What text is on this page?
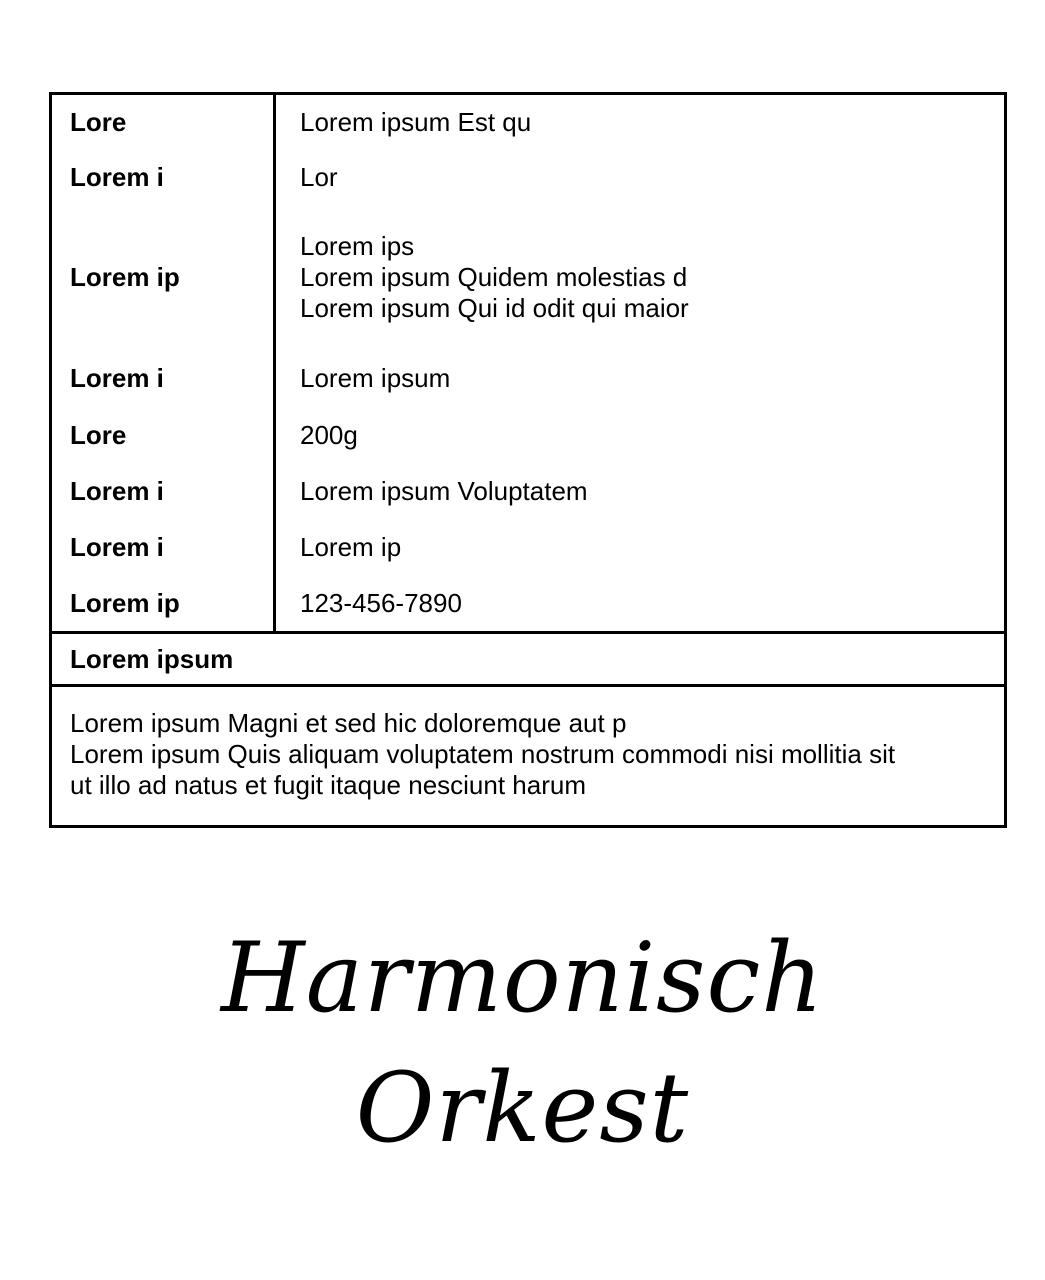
Lore
Lorem i
Lorem ip
Lorem i
Lore
Lorem i
Lorem i
Lorem ip
Lorem ipsum Est qu
Lor
Lorem ips
Lorem ipsum Quidem molestias d
Lorem ipsum Qui id odit qui maior
Lorem ipsum
200g
Lorem ipsum Voluptatem
Lorem ip
123-456-7890
Lorem ipsum
Lorem ipsum Magni et sed hic doloremque aut p
Lorem ipsum Quis aliquam voluptatem nostrum commodi nisi mollitia sit
ut illo ad natus et fugit itaque nesciunt harum
Harmonisch
Orkest
